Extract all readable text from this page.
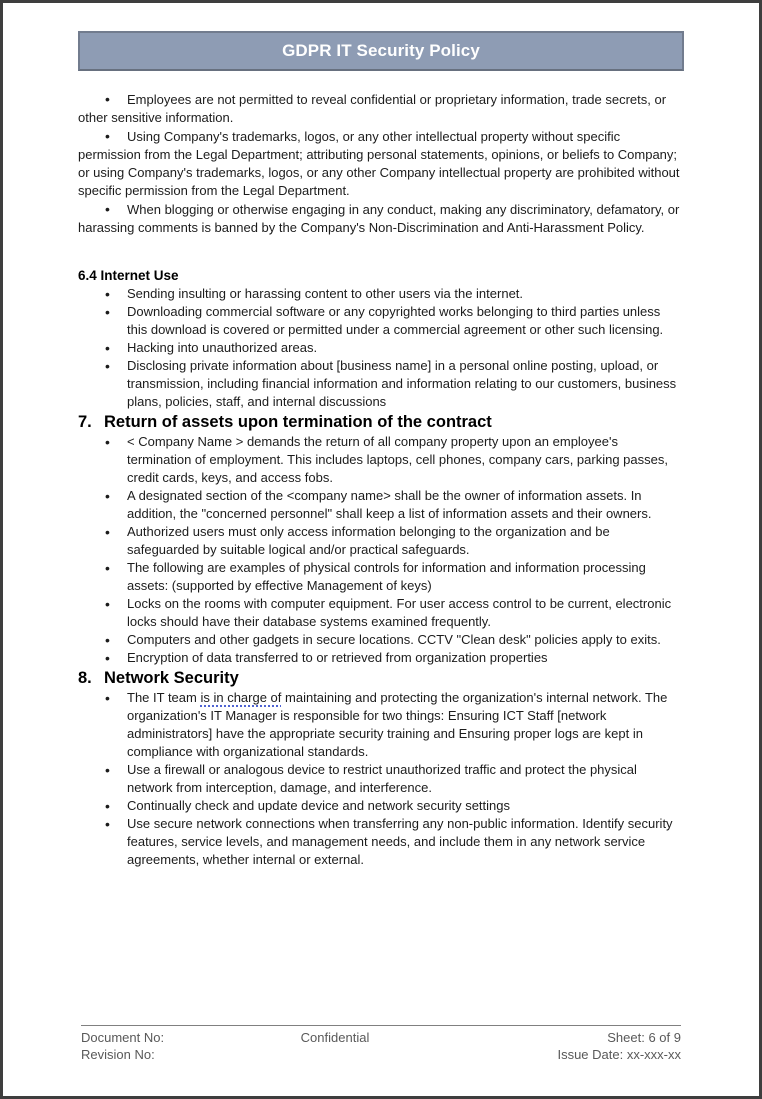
GDPR IT Security Policy

•Employees are not permitted to reveal confidential or proprietary information, trade secrets, or other sensitive information.

•Using Company's trademarks, logos, or any other intellectual property without specific permission from the Legal Department; attributing personal statements, opinions, or beliefs to Company; or using Company's trademarks, logos, or any other Company intellectual property are prohibited without specific permission from the Legal Department.

•When blogging or otherwise engaging in any conduct, making any discriminatory, defamatory, or harassing comments is banned by the Company's Non-Discrimination and Anti-Harassment Policy.

6.4 Internet Use
• Sending insulting or harassing content to other users via the internet.
• Downloading commercial software or any copyrighted works belonging to third parties unless this download is covered or permitted under a commercial agreement or other such licensing.
• Hacking into unauthorized areas.
• Disclosing private information about [business name] in a personal online posting, upload, or transmission, including financial information and information relating to our customers, business plans, policies, staff, and internal discussions
7. Return of assets upon termination of the contract
• < Company Name > demands the return of all company property upon an employee's termination of employment. This includes laptops, cell phones, company cars, parking passes, credit cards, keys, and access fobs.
• A designated section of the <company name> shall be the owner of information assets. In addition, the "concerned personnel" shall keep a list of information assets and their owners.
• Authorized users must only access information belonging to the organization and be safeguarded by suitable logical and/or practical safeguards.
• The following are examples of physical controls for information and information processing assets: (supported by effective Management of keys)
• Locks on the rooms with computer equipment. For user access control to be current, electronic locks should have their database systems examined frequently.
• Computers and other gadgets in secure locations. CCTV "Clean desk" policies apply to exits.
• Encryption of data transferred to or retrieved from organization properties
8. Network Security
• The IT team is in charge of maintaining and protecting the organization's internal network. The organization's IT Manager is responsible for two things: Ensuring ICT Staff [network administrators] have the appropriate security training and Ensuring proper logs are kept in compliance with organizational standards.
• Use a firewall or analogous device to restrict unauthorized traffic and protect the physical network from interception, damage, and interference.
• Continually check and update device and network security settings
• Use secure network connections when transferring any non-public information. Identify security features, service levels, and management needs, and include them in any network service agreements, whether internal or external.
Document No:	Confidential	Sheet: 6 of 9
Revision No:	Issue Date: xx-xxx-xx
